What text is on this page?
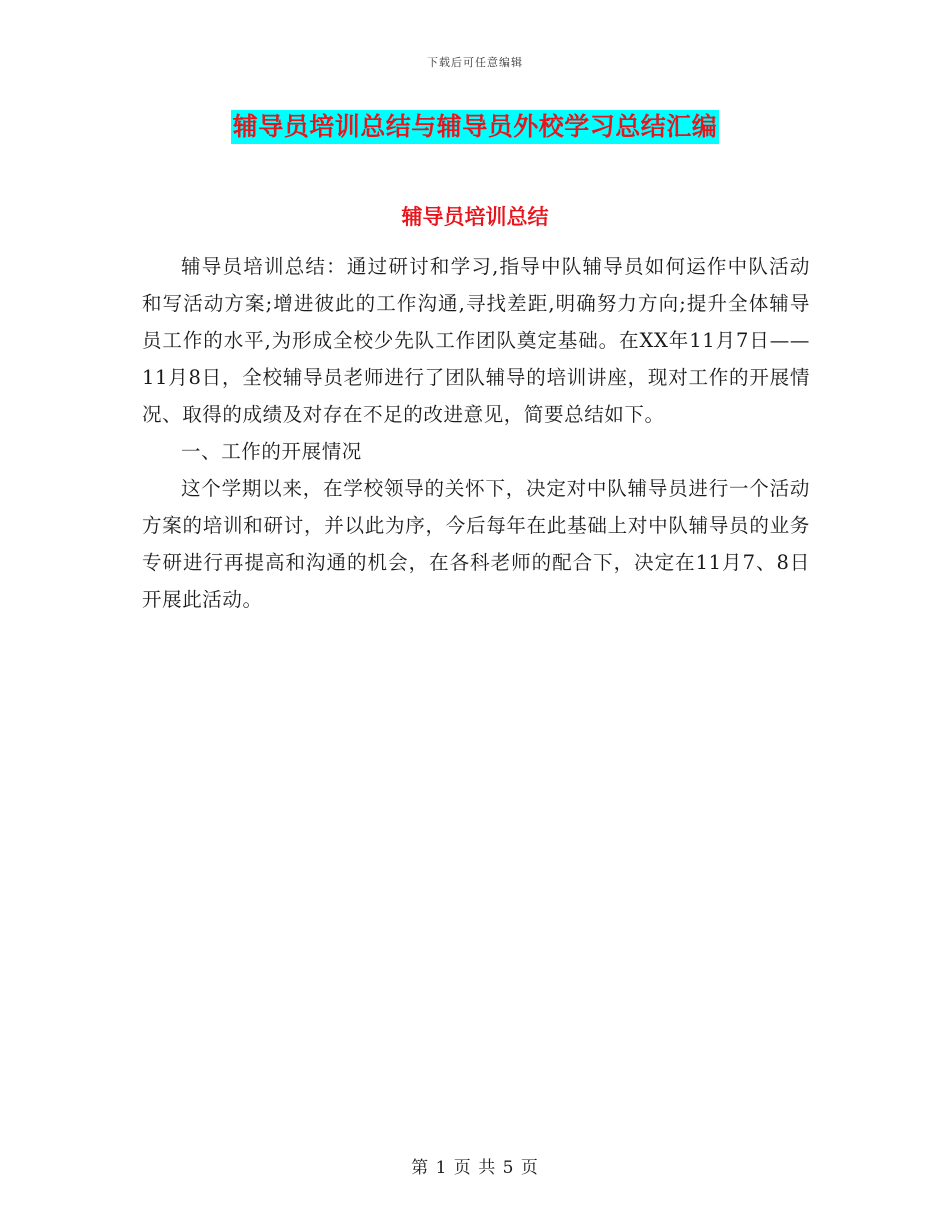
下载后可任意编辑
辅导员培训总结与辅导员外校学习总结汇编
辅导员培训总结

辅导员培训总结：通过研讨和学习,指导中队辅导员如何运作中队活动和写活动方案;增进彼此的工作沟通,寻找差距,明确努力方向;提升全体辅导员工作的水平,为形成全校少先队工作团队奠定基础。在XX年11月7日——11月8日，全校辅导员老师进行了团队辅导的培训讲座，现对工作的开展情况、取得的成绩及对存在不足的改进意见，简要总结如下。

一、工作的开展情况

这个学期以来，在学校领导的关怀下，决定对中队辅导员进行一个活动方案的培训和研讨，并以此为序，今后每年在此基础上对中队辅导员的业务专研进行再提高和沟通的机会，在各科老师的配合下，决定在11月7、8日开展此活动。

第 1 页 共 5 页
